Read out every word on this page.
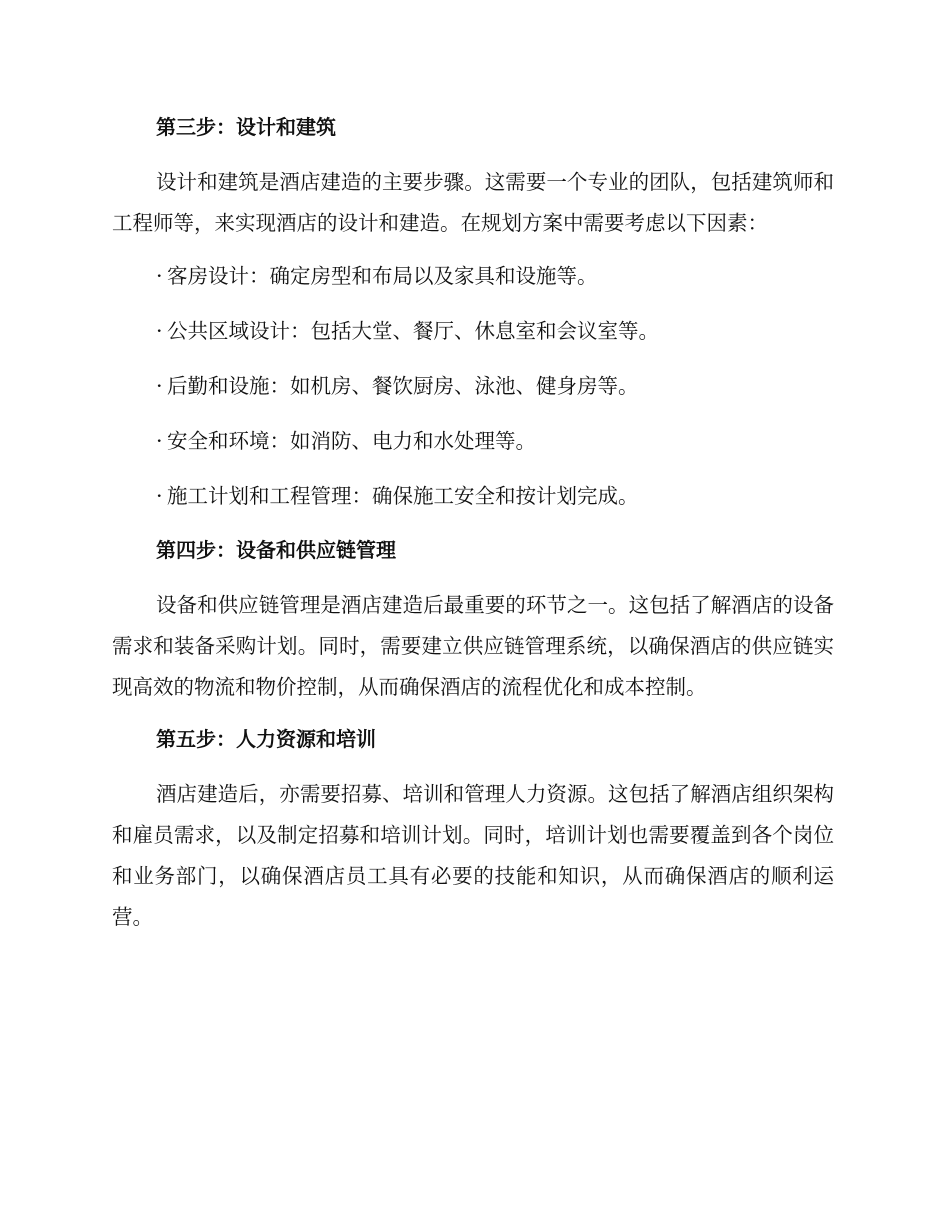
第三步：设计和建筑
设计和建筑是酒店建造的主要步骤。这需要一个专业的团队，包括建筑师和工程师等，来实现酒店的设计和建造。在规划方案中需要考虑以下因素：
· 客房设计：确定房型和布局以及家具和设施等。
· 公共区域设计：包括大堂、餐厅、休息室和会议室等。
· 后勤和设施：如机房、餐饮厨房、泳池、健身房等。
· 安全和环境：如消防、电力和水处理等。
· 施工计划和工程管理：确保施工安全和按计划完成。
第四步：设备和供应链管理
设备和供应链管理是酒店建造后最重要的环节之一。这包括了解酒店的设备需求和装备采购计划。同时，需要建立供应链管理系统，以确保酒店的供应链实现高效的物流和物价控制，从而确保酒店的流程优化和成本控制。
第五步：人力资源和培训
酒店建造后，亦需要招募、培训和管理人力资源。这包括了解酒店组织架构和雇员需求，以及制定招募和培训计划。同时，培训计划也需要覆盖到各个岗位和业务部门，以确保酒店员工具有必要的技能和知识，从而确保酒店的顺利运营。
